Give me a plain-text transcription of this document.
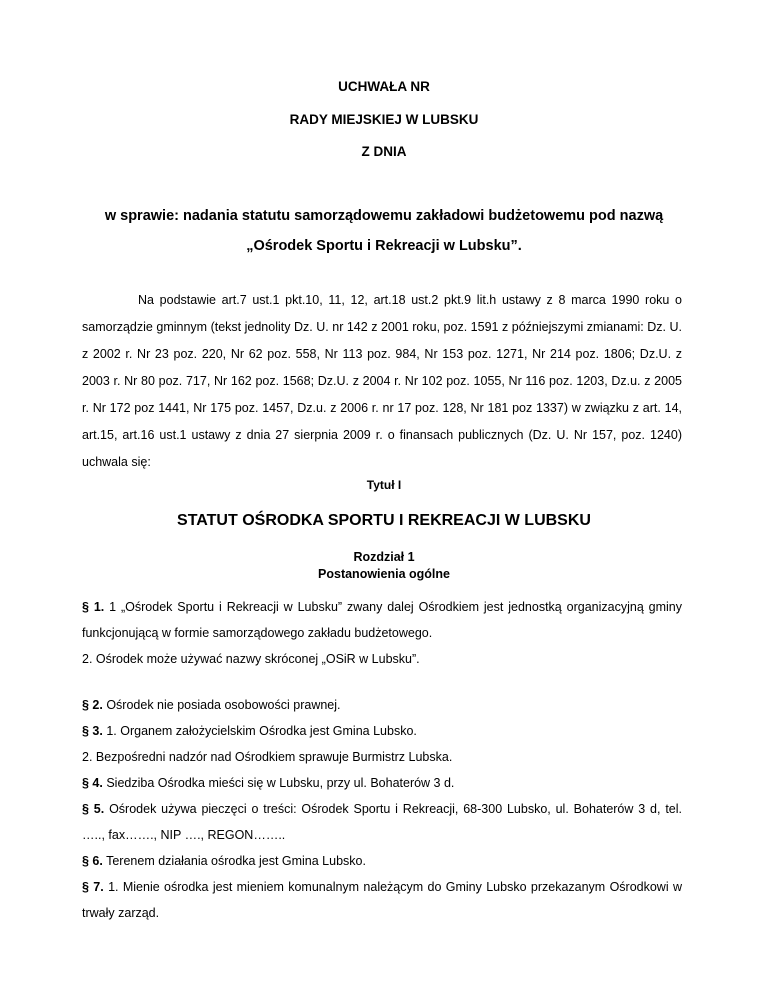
UCHWAŁA NR
RADY MIEJSKIEJ W LUBSKU
Z DNIA
w sprawie: nadania statutu samorządowemu zakładowi budżetowemu pod nazwą
„Ośrodek Sportu i Rekreacji w Lubsku”.
Na podstawie art.7 ust.1 pkt.10, 11, 12, art.18 ust.2 pkt.9 lit.h ustawy z 8 marca 1990 roku o samorządzie gminnym (tekst jednolity Dz. U. nr 142 z 2001 roku, poz. 1591 z późniejszymi zmianami: Dz. U. z 2002 r. Nr 23 poz. 220, Nr 62 poz. 558, Nr 113 poz. 984, Nr 153 poz. 1271, Nr 214 poz. 1806; Dz.U. z 2003 r. Nr 80 poz. 717, Nr 162 poz. 1568; Dz.U. z 2004 r. Nr 102 poz. 1055, Nr 116 poz. 1203, Dz.u. z 2005 r. Nr 172 poz 1441, Nr 175 poz. 1457, Dz.u. z 2006 r. nr 17 poz. 128, Nr 181 poz 1337) w związku z art. 14, art.15, art.16 ust.1 ustawy z dnia 27 sierpnia 2009 r. o finansach publicznych (Dz. U. Nr 157, poz. 1240) uchwala się:
Tytuł I
STATUT OŚRODKA SPORTU I REKREACJI W LUBSKU
Rozdział 1
Postanowienia ogólne

§ 1. 1 „Ośrodek Sportu i Rekreacji w Lubsku” zwany dalej Ośrodkiem jest jednostką organizacyjną gminy funkcjonującą w formie samorządowego zakładu budżetowego.

2. Ośrodek może używać nazwy skróconej „OSiR w Lubsku”.

§ 2. Ośrodek nie posiada osobowości prawnej.

§ 3. 1. Organem założycielskim Ośrodka jest Gmina Lubsko.

2. Bezpośredni nadzór nad Ośrodkiem sprawuje Burmistrz Lubska.

§ 4. Siedziba Ośrodka mieści się w Lubsku, przy ul. Bohaterów 3 d.

§ 5. Ośrodek używa pieczęci o treści: Ośrodek Sportu i Rekreacji, 68-300 Lubsko, ul. Bohaterów 3 d, tel. ….., fax……., NIP …., REGON……..

§ 6. Terenem działania ośrodka jest Gmina Lubsko.

§ 7. 1. Mienie ośrodka jest mieniem komunalnym należącym do Gminy Lubsko przekazanym Ośrodkowi w trwały zarząd.
